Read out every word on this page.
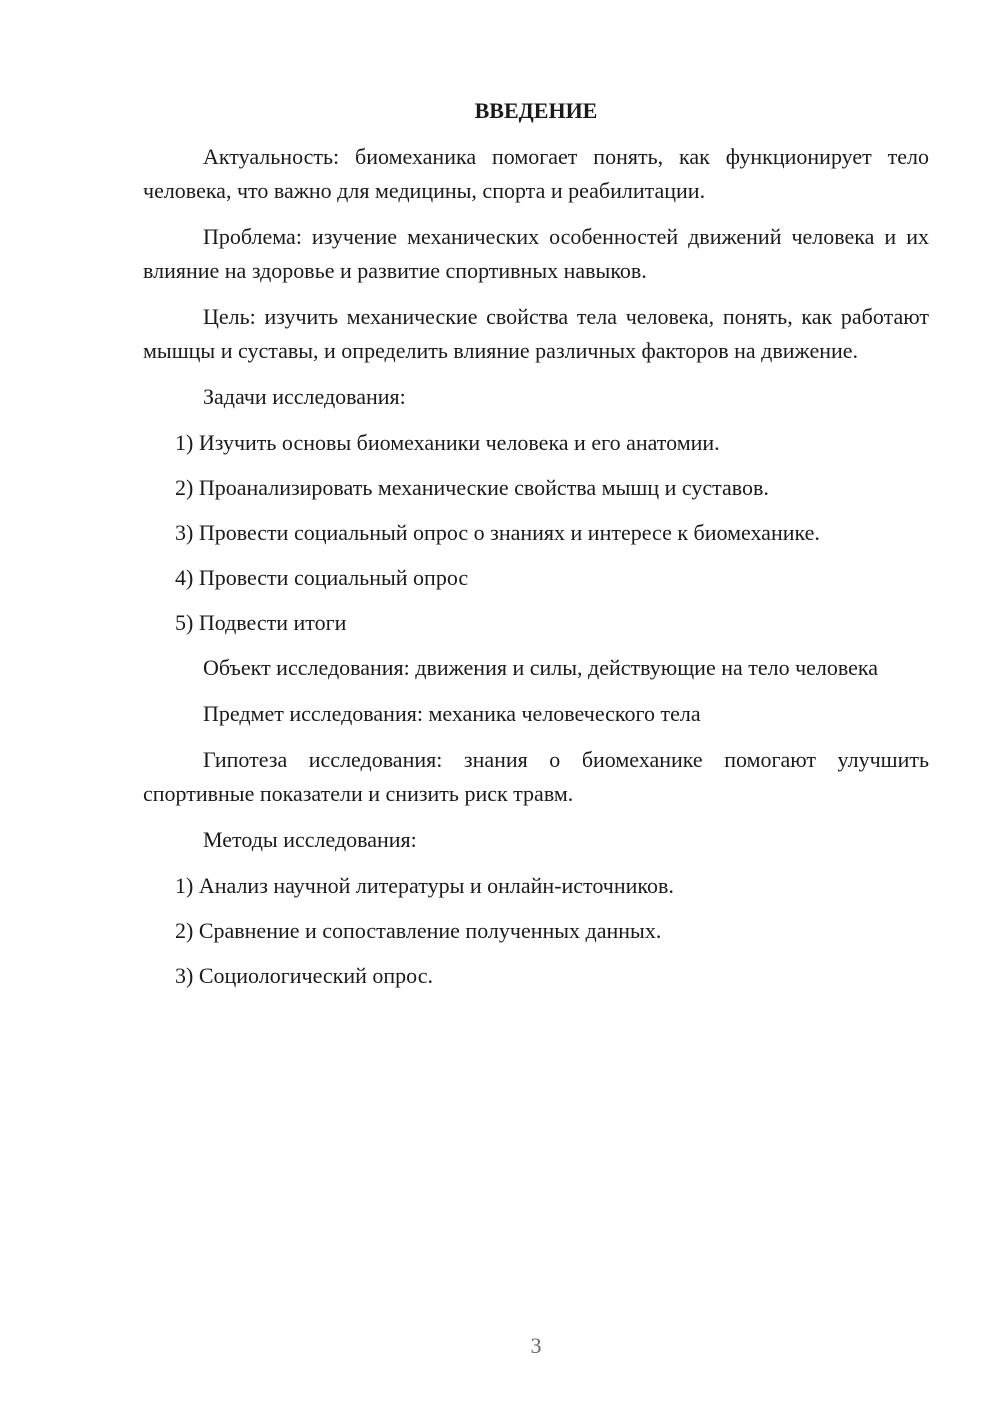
ВВЕДЕНИЕ

Актуальность: биомеханика помогает понять, как функционирует тело человека, что важно для медицины, спорта и реабилитации.

Проблема: изучение механических особенностей движений человека и их влияние на здоровье и развитие спортивных навыков.

Цель: изучить механические свойства тела человека, понять, как работают мышцы и суставы, и определить влияние различных факторов на движение.

Задачи исследования:

1) Изучить основы биомеханики человека и его анатомии.
2) Проанализировать механические свойства мышц и суставов.
3) Провести социальный опрос о знаниях и интересе к биомеханике.
4) Провести социальный опрос
5) Подвести итоги

Объект исследования: движения и силы, действующие на тело человека

Предмет исследования: механика человеческого тела

Гипотеза исследования: знания о биомеханике помогают улучшить спортивные показатели и снизить риск травм.

Методы исследования:

1) Анализ научной литературы и онлайн-источников.
2) Сравнение и сопоставление полученных данных.
3) Социологический опрос.
3
